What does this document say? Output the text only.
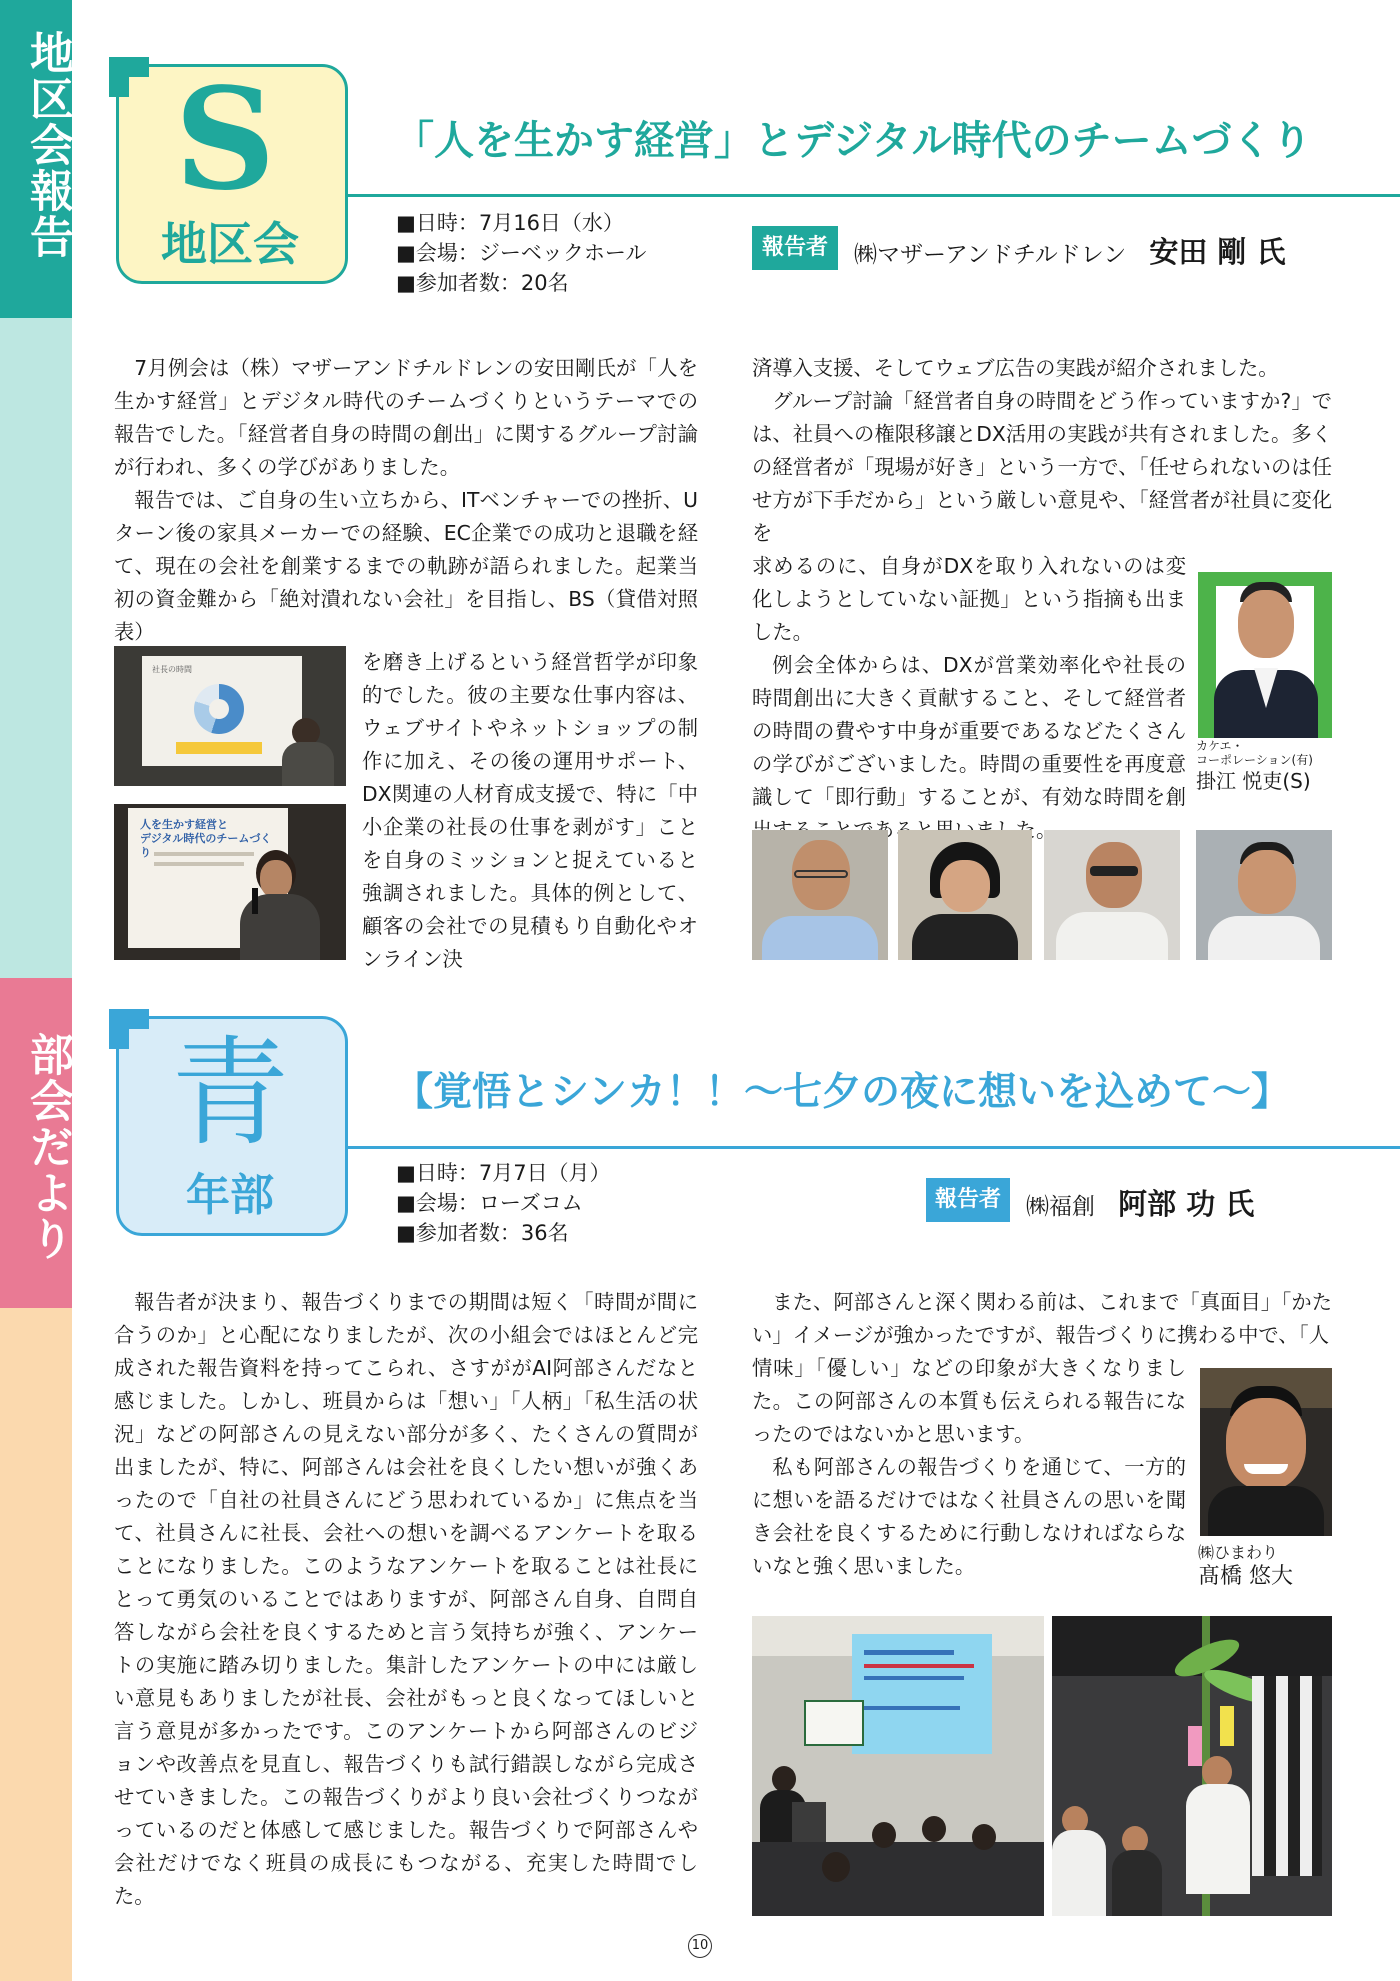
地区会報告
部会だより
S
地区会
「人を生かす経営」とデジタル時代のチームづくり
■日時：7月16日（水）
■会場：ジーベックホール
■参加者数：20名
報告者	㈱マザーアンドチルドレン 安田 剛 氏

7月例会は（株）マザーアンドチルドレンの安田剛氏が「人を生かす経営」とデジタル時代のチームづくりというテーマでの報告でした。「経営者自身の時間の創出」に関するグループ討論が行われ、多くの学びがありました。

報告では、ご自身の生い立ちから、ITベンチャーでの挫折、Uターン後の家具メーカーでの経験、EC企業での成功と退職を経て、現在の会社を創業するまでの軌跡が語られました。起業当初の資金難から「絶対潰れない会社」を目指し、BS（貸借対照表）

を磨き上げるという経営哲学が印象的でした。彼の主要な仕事内容は、ウェブサイトやネットショップの制作に加え、その後の運用サポート、DX関連の人材育成支援で、特に「中小企業の社長の仕事を剥がす」ことを自身のミッションと捉えていると強調されました。具体的例として、顧客の会社での見積もり自動化やオンライン決

社長の時間
人を生かす経営と
デジタル時代のチームづくり

済導入支援、そしてウェブ広告の実践が紹介されました。

グループ討論「経営者自身の時間をどう作っていますか?」では、社員への権限移譲とDX活用の実践が共有されました。多くの経営者が「現場が好き」という一方で、「任せられないのは任せ方が下手だから」という厳しい意見や、「経営者が社員に変化を

求めるのに、自身がDXを取り入れないのは変化しようとしていない証拠」という指摘も出ました。

例会全体からは、DXが営業効率化や社長の時間創出に大きく貢献すること、そして経営者の時間の費やす中身が重要であるなどたくさんの学びがございました。時間の重要性を再度意識して「即行動」することが、有効な時間を創 た。

カケエ・
コーポレーション(有)
掛江 悦吏(S)
青
年部
【覚悟とシンカ！！～七夕の夜に想いを込めて～】
■日時：7月7日（月）
■会場：ローズコム
■参加者数：36名
報告者	㈱福創 阿部 功 氏

報告者が決まり、報告づくりまでの期間は短く「時間が間に合うのか」と心配になりましたが、次の小組会ではほとんど完成された報告資料を持ってこられ、さすががAI阿部さんだなと感じました。しかし、班員からは「想い」「人柄」「私生活の状況」などの阿部さんの見えない部分が多く、たくさんの質問が出ましたが、特に、阿部さんは会社を良くしたい想いが強くあったので「自社の社員さんにどう思われているか」に焦点を当て、社員さんに社長、会社への想いを調べるアンケートを取ることになりました。このようなアンケートを取ることは社長にとって勇気のいることではありますが、阿部さん自身、自問自答しながら会社を良くするためと言う気持ちが強く、アンケートの実施に踏み切りました。集計したアンケートの中には厳しい意見もありましたが社長、会社がもっと良くなってほしいと言う意見が多かったです。このアンケートから阿部さんのビジョンや改善点を見直し、報告づくりも試行錯誤しながら完成させていきました。この報告づくりがより良い会社づくりつながっているのだと体感して感じました。報告づくりで阿部さんや会社だけでなく班員の成長にもつながる、充実した時間でした。

また、阿部さんと深く関わる前は、これまで「真面目」「かたい」イメージが強かったですが、報告づくりに携わる中で、「人

情味」「優しい」などの印象が大きくなりました。この阿部さんの本質も伝えられる報告になったのではないかと思います。

私も阿部さんの報告づくりを通じて、一方的に想いを語るだけではなく社員さんの思いを聞き会社を良くするために行動しなければならないなと強く思いました。

㈱ひまわり
髙橋 悠大
10
